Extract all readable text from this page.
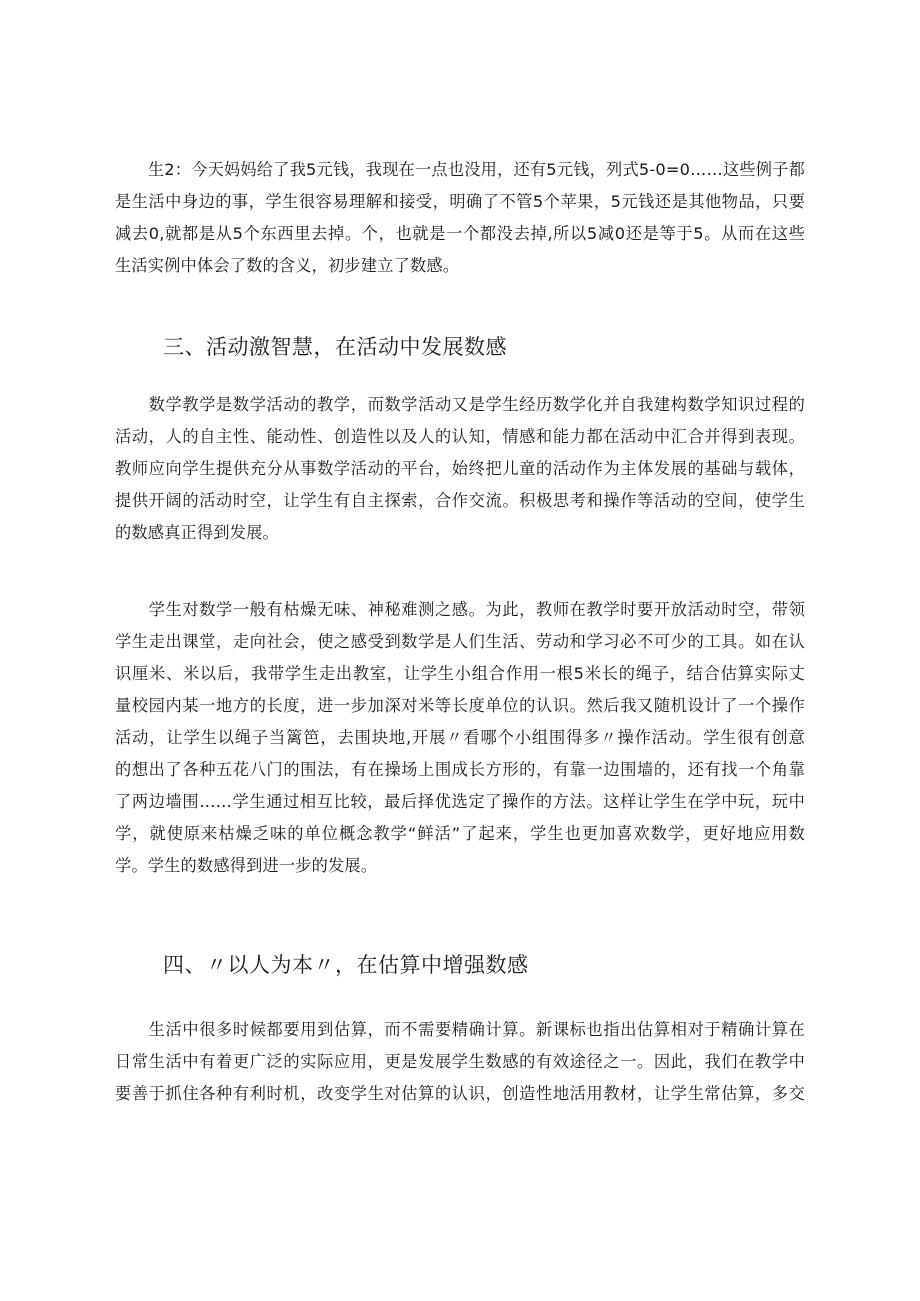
　　生2：今天妈妈给了我5元钱，我现在一点也没用，还有5元钱，列式5-0=0……这些例子都
是生活中身边的事，学生很容易理解和接受，明确了不管5个苹果，5元钱还是其他物品，只要
减去0,就都是从5个东西里去掉。个，也就是一个都没去掉,所以5减0还是等于5。从而在这些
生活实例中体会了数的含义，初步建立了数感。
三、活动激智慧，在活动中发展数感
　　数学教学是数学活动的教学，而数学活动又是学生经历数学化并自我建构数学知识过程的
活动，人的自主性、能动性、创造性以及人的认知，情感和能力都在活动中汇合并得到表现。
教师应向学生提供充分从事数学活动的平台，始终把儿童的活动作为主体发展的基础与载体，
提供开阔的活动时空，让学生有自主探索，合作交流。积极思考和操作等活动的空间，使学生
的数感真正得到发展。
　　学生对数学一般有枯燥无味、神秘难测之感。为此，教师在教学时要开放活动时空，带领
学生走出课堂，走向社会，使之感受到数学是人们生活、劳动和学习必不可少的工具。如在认
识厘米、米以后，我带学生走出教室，让学生小组合作用一根5米长的绳子，结合估算实际丈
量校园内某一地方的长度，进一步加深对米等长度单位的认识。然后我又随机设计了一个操作
活动，让学生以绳子当篱笆，去围块地,开展〃看哪个小组围得多〃操作活动。学生很有创意
的想出了各种五花八门的围法，有在操场上围成长方形的，有靠一边围墙的，还有找一个角靠
了两边墙围……学生通过相互比较，最后择优选定了操作的方法。这样让学生在学中玩，玩中
学，就使原来枯燥乏味的单位概念教学“鲜活”了起来，学生也更加喜欢数学，更好地应用数
学。学生的数感得到进一步的发展。
四、〃以人为本〃，在估算中增强数感
　　生活中很多时候都要用到估算，而不需要精确计算。新课标也指出估算相对于精确计算在
日常生活中有着更广泛的实际应用，更是发展学生数感的有效途径之一。因此，我们在教学中
要善于抓住各种有利时机，改变学生对估算的认识，创造性地活用教材，让学生常估算，多交
